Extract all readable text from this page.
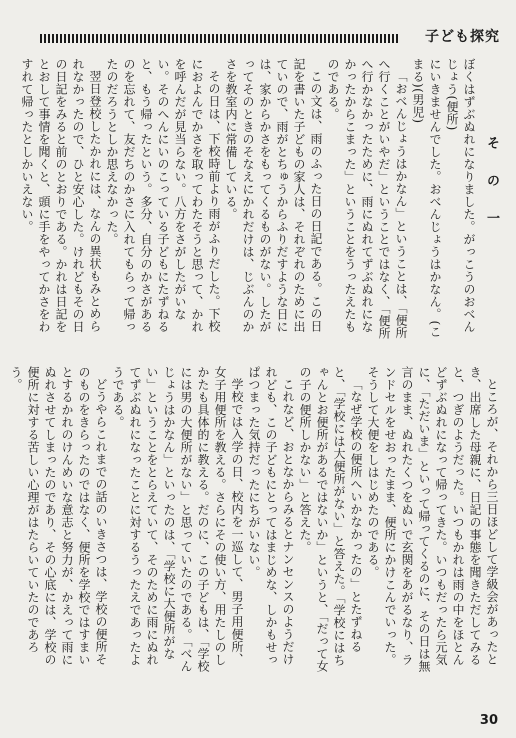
子ども探究
そ の 一

ぼくはずぶぬれになりました。がっこうのおべんじょう(便所)

にいきませんでした。おべんじょうはかなん。(こまる)(男児)

「おべんじょうはかなん」ということは、「便所へ行くことがいやだ」ということではなく、「便所へ行かなかったために、雨にぬれてずぶぬれになかったからこまった」ということをうったえたものである。

この文は、雨のふった日の日記である。この日記を書いた子どもの家人は、それぞれのために出ていので、雨がとちゅうからふりだすような日には、家からかさをもってくるものがない。したがってそのときのそなえにかれだけは、じぶんのかさを教室内に常備している。

その日は、下校時前より雨がふりだした。下校におよんでかさを取ってわたそうと思って、かれを呼んだが見当らない。八方をさがしたがいない。そのへんにいのこっている子どもにたずねると、もう帰ったという。多分、自分のかさがあるのを忘れて、友だちのかさに入れてもらって帰ったのだろうとしか思えなかった。

翌日登校したかれには、なんの異状もみとめられなかったので、ひと安心した。けれどもその日の日記をみると前のとおりである。かれは日記をとおして事情を聞くと、頭に手をやってかさをわすれて帰ったとしかいえない。

ところが、それから三日ほどして学級会があったとき、出席した母親に、日記の事態を聞きただしてみると、つぎのようだった。いつもかれは雨の中をほとんどずぶぬれになって帰ってきた。いつもだったら元気に、「ただいま」といって帰ってくるのに、その日は無言のまま、ぬれたくつをぬいで玄関をあがるなり、ランドセルをせおったまま、便所にかけこんでいった。そうして大便をしはじめたのである。

「なぜ学校の便所へいかなかったの」とたずねると、「学校には大便所がない」と答えた。「学校にはちゃんとお便所があるではないか」というと、「だって女の子の便所しかない」と答えた。

これなど、おとなからみるとナンセンスのようだけれども、この子どもにとってはまじめな、しかもせっぱつまった気持だったにちがいない。

学校では入学の日、校内を一巡して、男子用便所、女子用便所を教える。さらにその使い方、用たしのしかたも具体的に教える。だのに、この子どもは、「学校には男の大便所がない」と思っていたのである。「べんじょうはかなん」といったのは、「学校に大便所がない」ということをとらえていて、そのために雨にぬれてずぶぬれになったことに対するうったえであったようである。

どうやらこれまでの話のいきさつは、学校の便所そのものをきらったのではなく、便所を学校ではすまいとするかれのけんめいな意志と努力が、かえって雨にぬれさせてしまったのであり、その心底には、学校の便所に対する苦しい心理がはたらいていたのであろう。

30
